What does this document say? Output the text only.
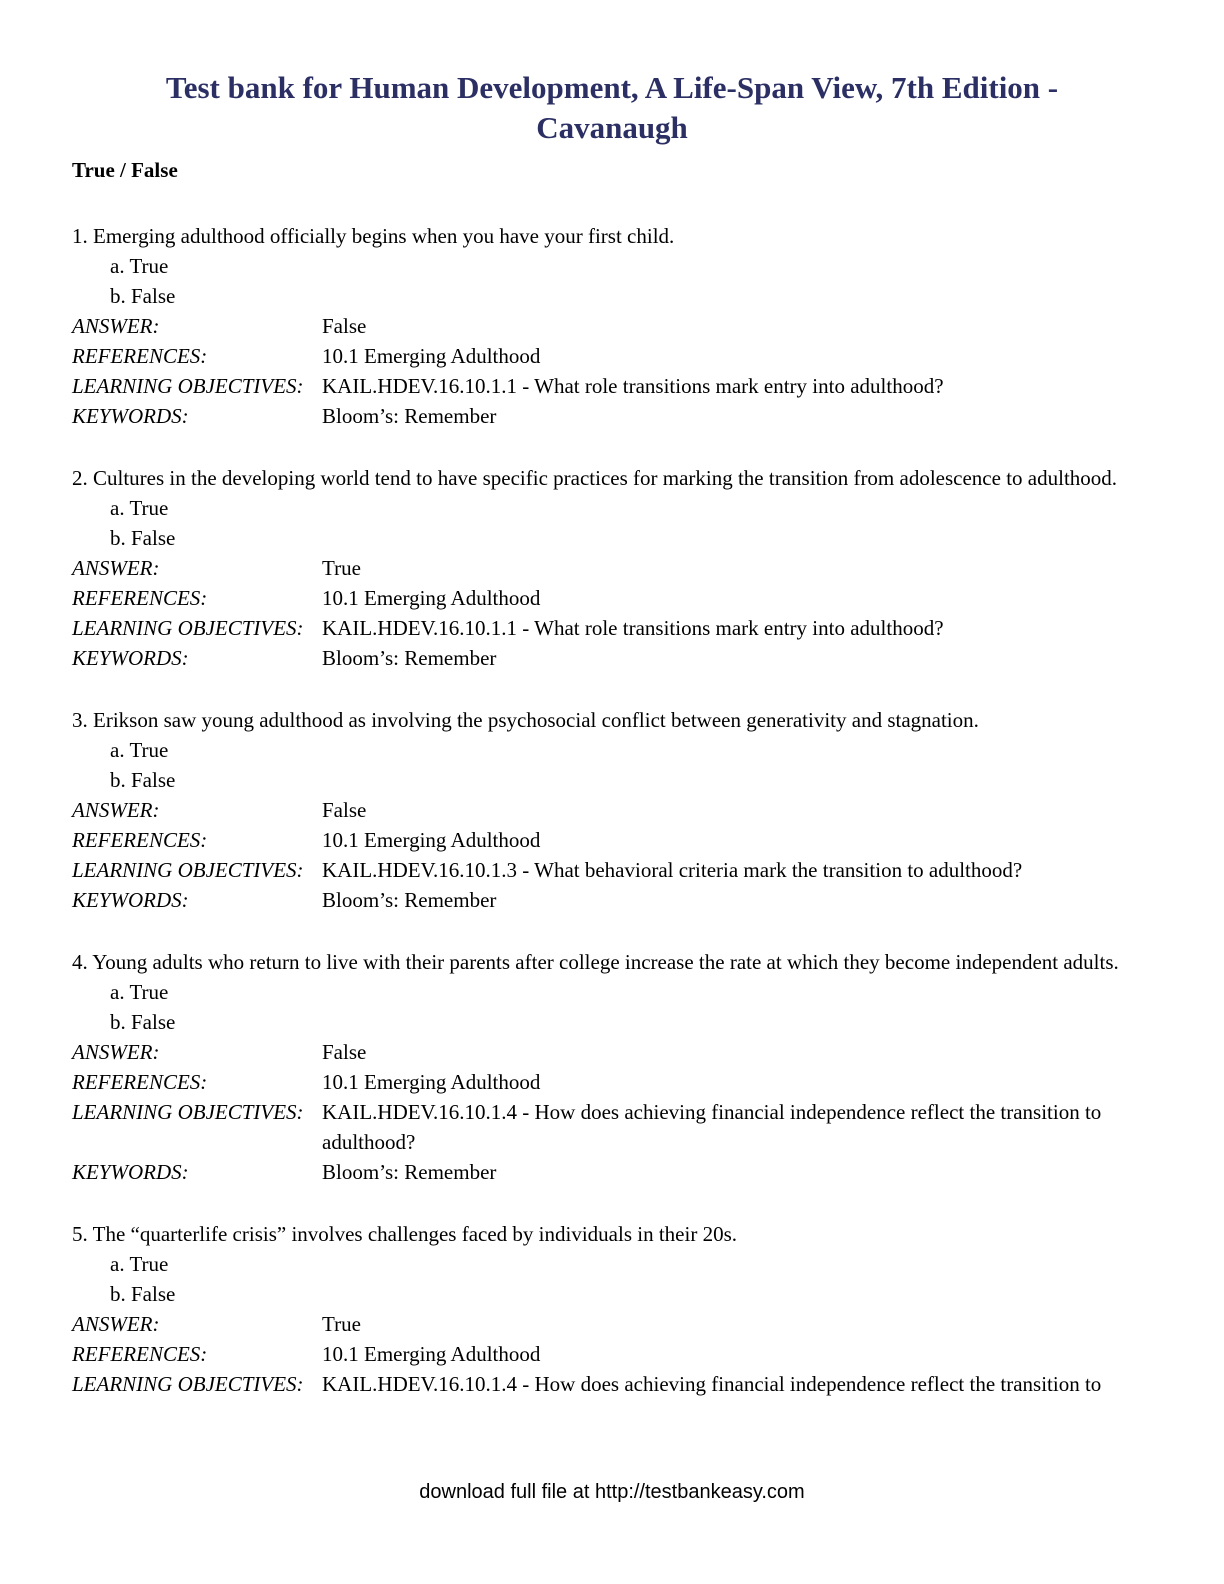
Test bank for Human Development, A Life-Span View, 7th Edition -
Cavanaugh
True / False

1. Emerging adulthood officially begins when you have your first child.

a. True

b. False

ANSWER:	False
REFERENCES:	10.1 Emerging Adulthood
LEARNING OBJECTIVES: KAIL.HDEV.16.10.1.1 - What role transitions mark entry into adulthood?
KEYWORDS:	Bloom’s: Remember

2. Cultures in the developing world tend to have specific practices for marking the transition from adolescence to adulthood.

a. True

b. False

ANSWER:	True
REFERENCES:	10.1 Emerging Adulthood
LEARNING OBJECTIVES: KAIL.HDEV.16.10.1.1 - What role transitions mark entry into adulthood?
KEYWORDS:	Bloom’s: Remember

3. Erikson saw young adulthood as involving the psychosocial conflict between generativity and stagnation.

a. True

b. False

ANSWER:	False
REFERENCES:	10.1 Emerging Adulthood
LEARNING OBJECTIVES: KAIL.HDEV.16.10.1.3 - What behavioral criteria mark the transition to adulthood?
KEYWORDS:	Bloom’s: Remember

4. Young adults who return to live with their parents after college increase the rate at which they become independent adults.

a. True

b. False

ANSWER:	False
REFERENCES:	10.1 Emerging Adulthood
LEARNING OBJECTIVES: KAIL.HDEV.16.10.1.4 - How does achieving financial independence reflect the transition to adulthood?
KEYWORDS:	Bloom’s: Remember

5. The “quarterlife crisis” involves challenges faced by individuals in their 20s.

a. True

b. False

ANSWER:	True
REFERENCES:	10.1 Emerging Adulthood
LEARNING OBJECTIVES: KAIL.HDEV.16.10.1.4 - How does achieving financial independence reflect the transition to
download full file at http://testbankeasy.com
